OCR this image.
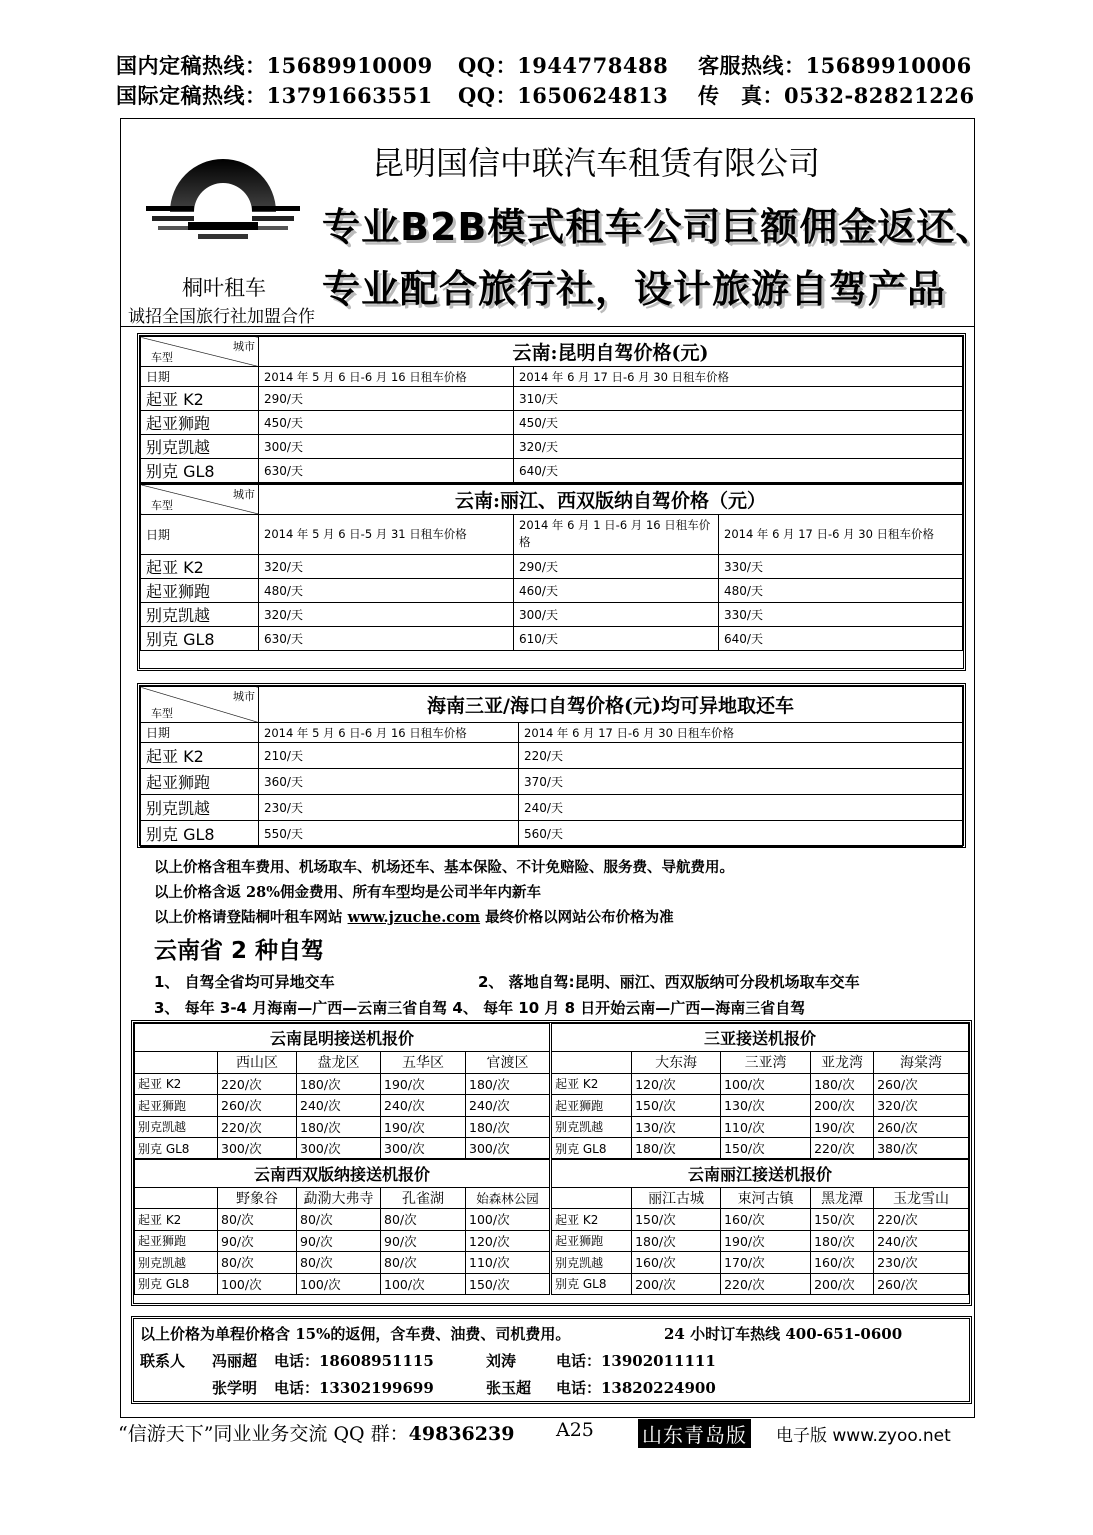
国内定稿热线：15689910009 QQ：1944778488 客服热线：15689910006
国际定稿热线：13791663551 QQ：1650624813 传　真：0532-82821226
昆明国信中联汽车租赁有限公司
专业B2B模式租车公司巨额佣金返还、
专业配合旅行社，设计旅游自驾产品
桐叶租车
诚招全国旅行社加盟合作
城市
车型	云南:昆明自驾价格(元)	
日期	2014 年 5 月 6 日-6 月 16 日租车价格	2014 年 6 月 17 日-6 月 30 日租车价格
起亚 K2	290/天	310/天
起亚狮跑	450/天	450/天
别克凯越	300/天	320/天
别克 GL8	630/天	640/天
城市
车型	云南:丽江、西双版纳自驾价格（元）		
日期	2014 年 5 月 6 日-5 月 31 日租车价格	2014 年 6 月 1 日-6 月 16 日租车价格	2014 年 6 月 17 日-6 月 30 日租车价格
起亚 K2	320/天	290/天	330/天
起亚狮跑	480/天	460/天	480/天
别克凯越	320/天	300/天	330/天
别克 GL8	630/天	610/天	640/天
城市
车型	海南三亚/海口自驾价格(元)均可异地取还车	
日期	2014 年 5 月 6 日-6 月 16 日租车价格	2014 年 6 月 17 日-6 月 30 日租车价格
起亚 K2	210/天	220/天
起亚狮跑	360/天	370/天
别克凯越	230/天	240/天
别克 GL8	550/天	560/天
以上价格含租车费用、机场取车、机场还车、基本保险、不计免赔险、服务费、导航费用。
以上价格含返 28%佣金费用、所有车型均是公司半年内新车
以上价格请登陆桐叶租车网站 www.jzuche.com 最终价格以网站公布价格为准
云南省 2 种自驾
1、 自驾全省均可异地交车	2、 落地自驾:昆明、丽江、西双版纳可分段机场取车交车
3、 每年 3-4 月海南—广西—云南三省自驾 4、 每年 10 月 8 日开始云南—广西—海南三省自驾
云南昆明接送机报价					三亚接送机报价				
	西山区	盘龙区	五华区	官渡区		大东海	三亚湾	亚龙湾	海棠湾
起亚 K2	220/次	180/次	190/次	180/次	起亚 K2	120/次	100/次	180/次	260/次
起亚狮跑	260/次	240/次	240/次	240/次	起亚狮跑	150/次	130/次	200/次	320/次
别克凯越	220/次	180/次	190/次	180/次	别克凯越	130/次	110/次	190/次	260/次
别克 GL8	300/次	300/次	300/次	300/次	别克 GL8	180/次	150/次	220/次	380/次
云南西双版纳接送机报价					云南丽江接送机报价				
	野象谷	勐泐大弗寺	孔雀湖	始森林公园		丽江古城	束河古镇	黑龙潭	玉龙雪山
起亚 K2	80/次	80/次	80/次	100/次	起亚 K2	150/次	160/次	150/次	220/次
起亚狮跑	90/次	90/次	90/次	120/次	起亚狮跑	180/次	190/次	180/次	240/次
别克凯越	80/次	80/次	80/次	110/次	别克凯越	160/次	170/次	160/次	230/次
别克 GL8	100/次	100/次	100/次	150/次	别克 GL8	200/次	220/次	200/次	260/次
以上价格为单程价格含 15%的返佣，含车费、油费、司机费用。	24 小时订车热线 400-651-0600
联系人 冯丽超 电话：18608951115	刘涛	电话：13902011111
张学明 电话：13302199699	张玉超 电话：13820224900
“信游天下”同业业务交流 QQ 群：49836239 A25 山东青岛版 电子版 www.zyoo.net
